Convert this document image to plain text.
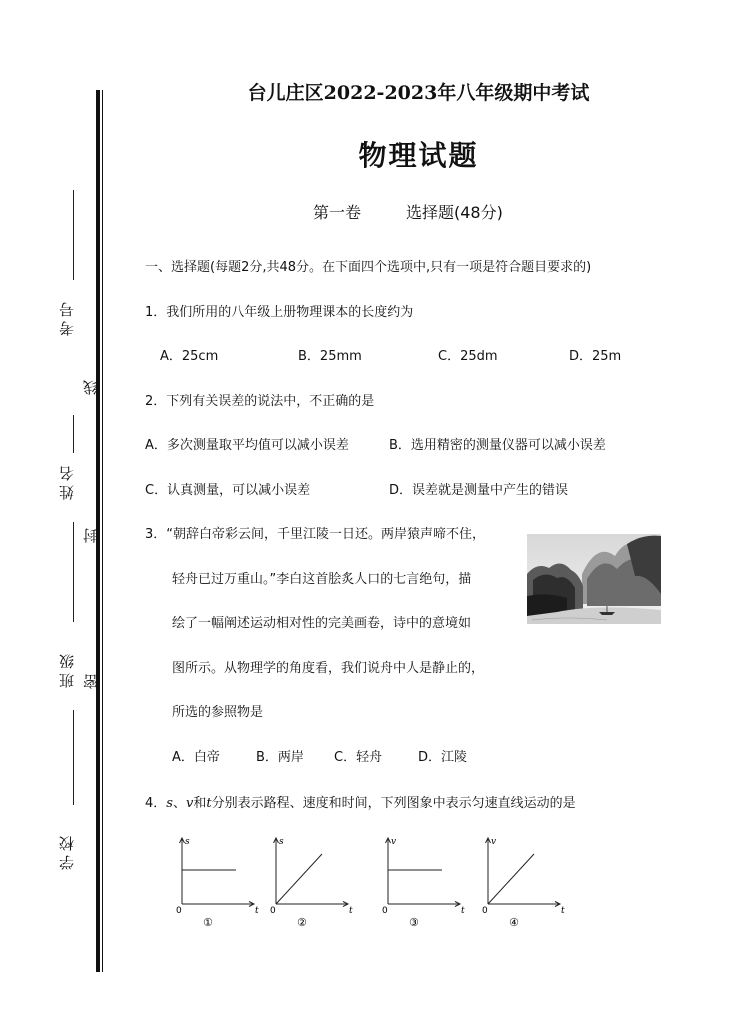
考号
线
姓名
封
班级 密
学校
台儿庄区2022-2023年八年级期中考试
物理试题
第一卷	选择题(48分)
一、选择题(每题2分,共48分。在下面四个选项中,只有一项是符合题目要求的)
1．我们所用的八年级上册物理课本的长度约为
A．25cm	B．25mm	C．25dm	D．25m
2．下列有关误差的说法中，不正确的是
A．多次测量取平均值可以减小误差	B．选用精密的测量仪器可以减小误差
C．认真测量，可以减小误差	D．误差就是测量中产生的错误
3．“朝辞白帝彩云间，千里江陵一日还。两岸猿声啼不住，
轻舟已过万重山。”李白这首脍炙人口的七言绝句，描
绘了一幅阐述运动相对性的完美画卷，诗中的意境如
图所示。从物理学的角度看，我们说舟中人是静止的，
所选的参照物是
A．白帝	B．两岸 C．轻舟	D．江陵
4．s、v和t分别表示路程、速度和时间，下列图象中表示匀速直线运动的是
s
t
0
①
s
t
0
②
v
t
0
③
v
t
0
④
